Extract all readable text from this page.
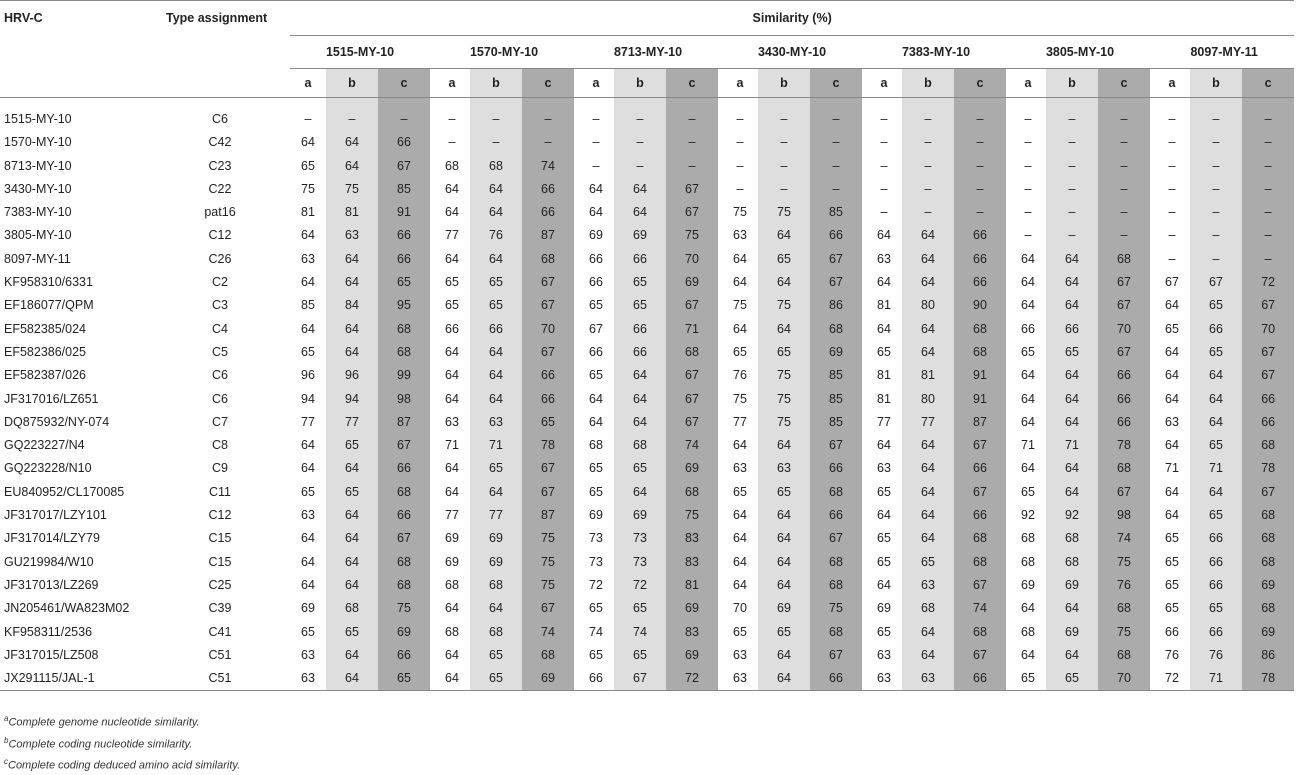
HRV-C	Type assignment	Similarity (%)																										
		1515-MY-10				1570-MY-10				8713-MY-10				3430-MY-10				7383-MY-10				3805-MY-10				8097-MY-11		
		a	b	c		a	b	c		a	b	c		a	b	c		a	b	c		a	b	c		a	b	c

1515-MY-10	C6	–	–	–		–	–	–		–	–	–		–	–	–		–	–	–		–	–	–		–	–	–
1570-MY-10	C42	64	64	66		–	–	–		–	–	–		–	–	–		–	–	–		–	–	–		–	–	–
8713-MY-10	C23	65	64	67		68	68	74		–	–	–		–	–	–		–	–	–		–	–	–		–	–	–
3430-MY-10	C22	75	75	85		64	64	66		64	64	67		–	–	–		–	–	–		–	–	–		–	–	–
7383-MY-10	pat16	81	81	91		64	64	66		64	64	67		75	75	85		–	–	–		–	–	–		–	–	–
3805-MY-10	C12	64	63	66		77	76	87		69	69	75		63	64	66		64	64	66		–	–	–		–	–	–
8097-MY-11	C26	63	64	66		64	64	68		66	66	70		64	65	67		63	64	66		64	64	68		–	–	–
KF958310/6331	C2	64	64	65		65	65	67		66	65	69		64	64	67		64	64	66		64	64	67		67	67	72
EF186077/QPM	C3	85	84	95		65	65	67		65	65	67		75	75	86		81	80	90		64	64	67		64	65	67
EF582385/024	C4	64	64	68		66	66	70		67	66	71		64	64	68		64	64	68		66	66	70		65	66	70
EF582386/025	C5	65	64	68		64	64	67		66	66	68		65	65	69		65	64	68		65	65	67		64	65	67
EF582387/026	C6	96	96	99		64	64	66		65	64	67		76	75	85		81	81	91		64	64	66		64	64	67
JF317016/LZ651	C6	94	94	98		64	64	66		64	64	67		75	75	85		81	80	91		64	64	66		64	64	66
DQ875932/NY-074	C7	77	77	87		63	63	65		64	64	67		77	75	85		77	77	87		64	64	66		63	64	66
GQ223227/N4	C8	64	65	67		71	71	78		68	68	74		64	64	67		64	64	67		71	71	78		64	65	68
GQ223228/N10	C9	64	64	66		64	65	67		65	65	69		63	63	66		63	64	66		64	64	68		71	71	78
EU840952/CL170085	C11	65	65	68		64	64	67		65	64	68		65	65	68		65	64	67		65	64	67		64	64	67
JF317017/LZY101	C12	63	64	66		77	77	87		69	69	75		64	64	66		64	64	66		92	92	98		64	65	68
JF317014/LZY79	C15	64	64	67		69	69	75		73	73	83		64	64	67		65	64	68		68	68	74		65	66	68
GU219984/W10	C15	64	64	68		69	69	75		73	73	83		64	64	68		65	65	68		68	68	75		65	66	68
JF317013/LZ269	C25	64	64	68		68	68	75		72	72	81		64	64	68		64	63	67		69	69	76		65	66	69
JN205461/WA823M02	C39	69	68	75		64	64	67		65	65	69		70	69	75		69	68	74		64	64	68		65	65	68
KF958311/2536	C41	65	65	69		68	68	74		74	74	83		65	65	68		65	64	68		68	69	75		66	66	69
JF317015/LZ508	C51	63	64	66		64	65	68		65	65	69		63	64	67		63	64	67		64	64	68		76	76	86
JX291115/JAL-1	C51	63	64	65		64	65	69		66	67	72		63	64	66		63	63	66		65	65	70		72	71	78
$^a$Complete genome nucleotide similarity.
$^b$Complete coding nucleotide similarity.
$^c$Complete coding deduced amino acid similarity.
